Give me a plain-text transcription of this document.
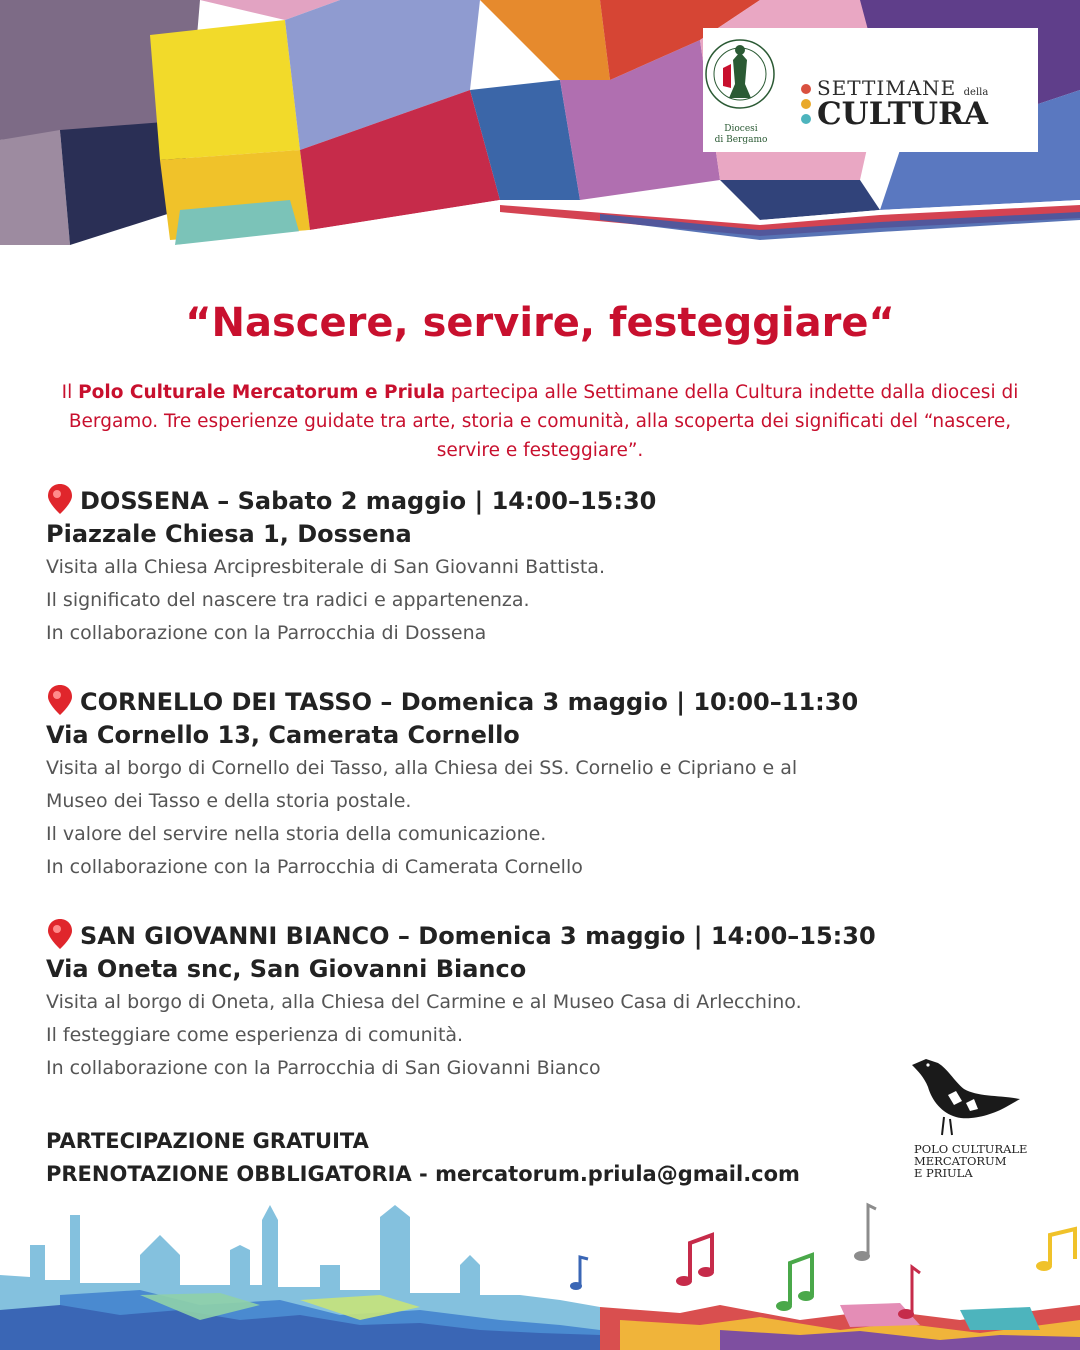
Diocesi
di Bergamo
SETTIMANE della
CULTURA
“Nascere, servire, festeggiare“

Il Polo Culturale Mercatorum e Priula partecipa alle Settimane della Cultura indette dalla diocesi di Bergamo. Tre esperienze guidate tra arte, storia e comunità, alla scoperta dei significati del “nascere, servire e festeggiare”.

DOSSENA – Sabato 2 maggio | 14:00–15:30
Piazzale Chiesa 1, Dossena
Visita alla Chiesa Arcipresbiterale di San Giovanni Battista.
Il significato del nascere tra radici e appartenenza.
In collaborazione con la Parrocchia di Dossena
CORNELLO DEI TASSO – Domenica 3 maggio | 10:00–11:30
Via Cornello 13, Camerata Cornello
Visita al borgo di Cornello dei Tasso, alla Chiesa dei SS. Cornelio e Cipriano e al
Museo dei Tasso e della storia postale.
Il valore del servire nella storia della comunicazione.
In collaborazione con la Parrocchia di Camerata Cornello
SAN GIOVANNI BIANCO – Domenica 3 maggio | 14:00–15:30
Via Oneta snc, San Giovanni Bianco
Visita al borgo di Oneta, alla Chiesa del Carmine e al Museo Casa di Arlecchino.
Il festeggiare come esperienza di comunità.
In collaborazione con la Parrocchia di San Giovanni Bianco
PARTECIPAZIONE GRATUITA
PRENOTAZIONE OBBLIGATORIA - mercatorum.priula@gmail.com
POLO CULTURALE
MERCATORUM
E PRIULA
